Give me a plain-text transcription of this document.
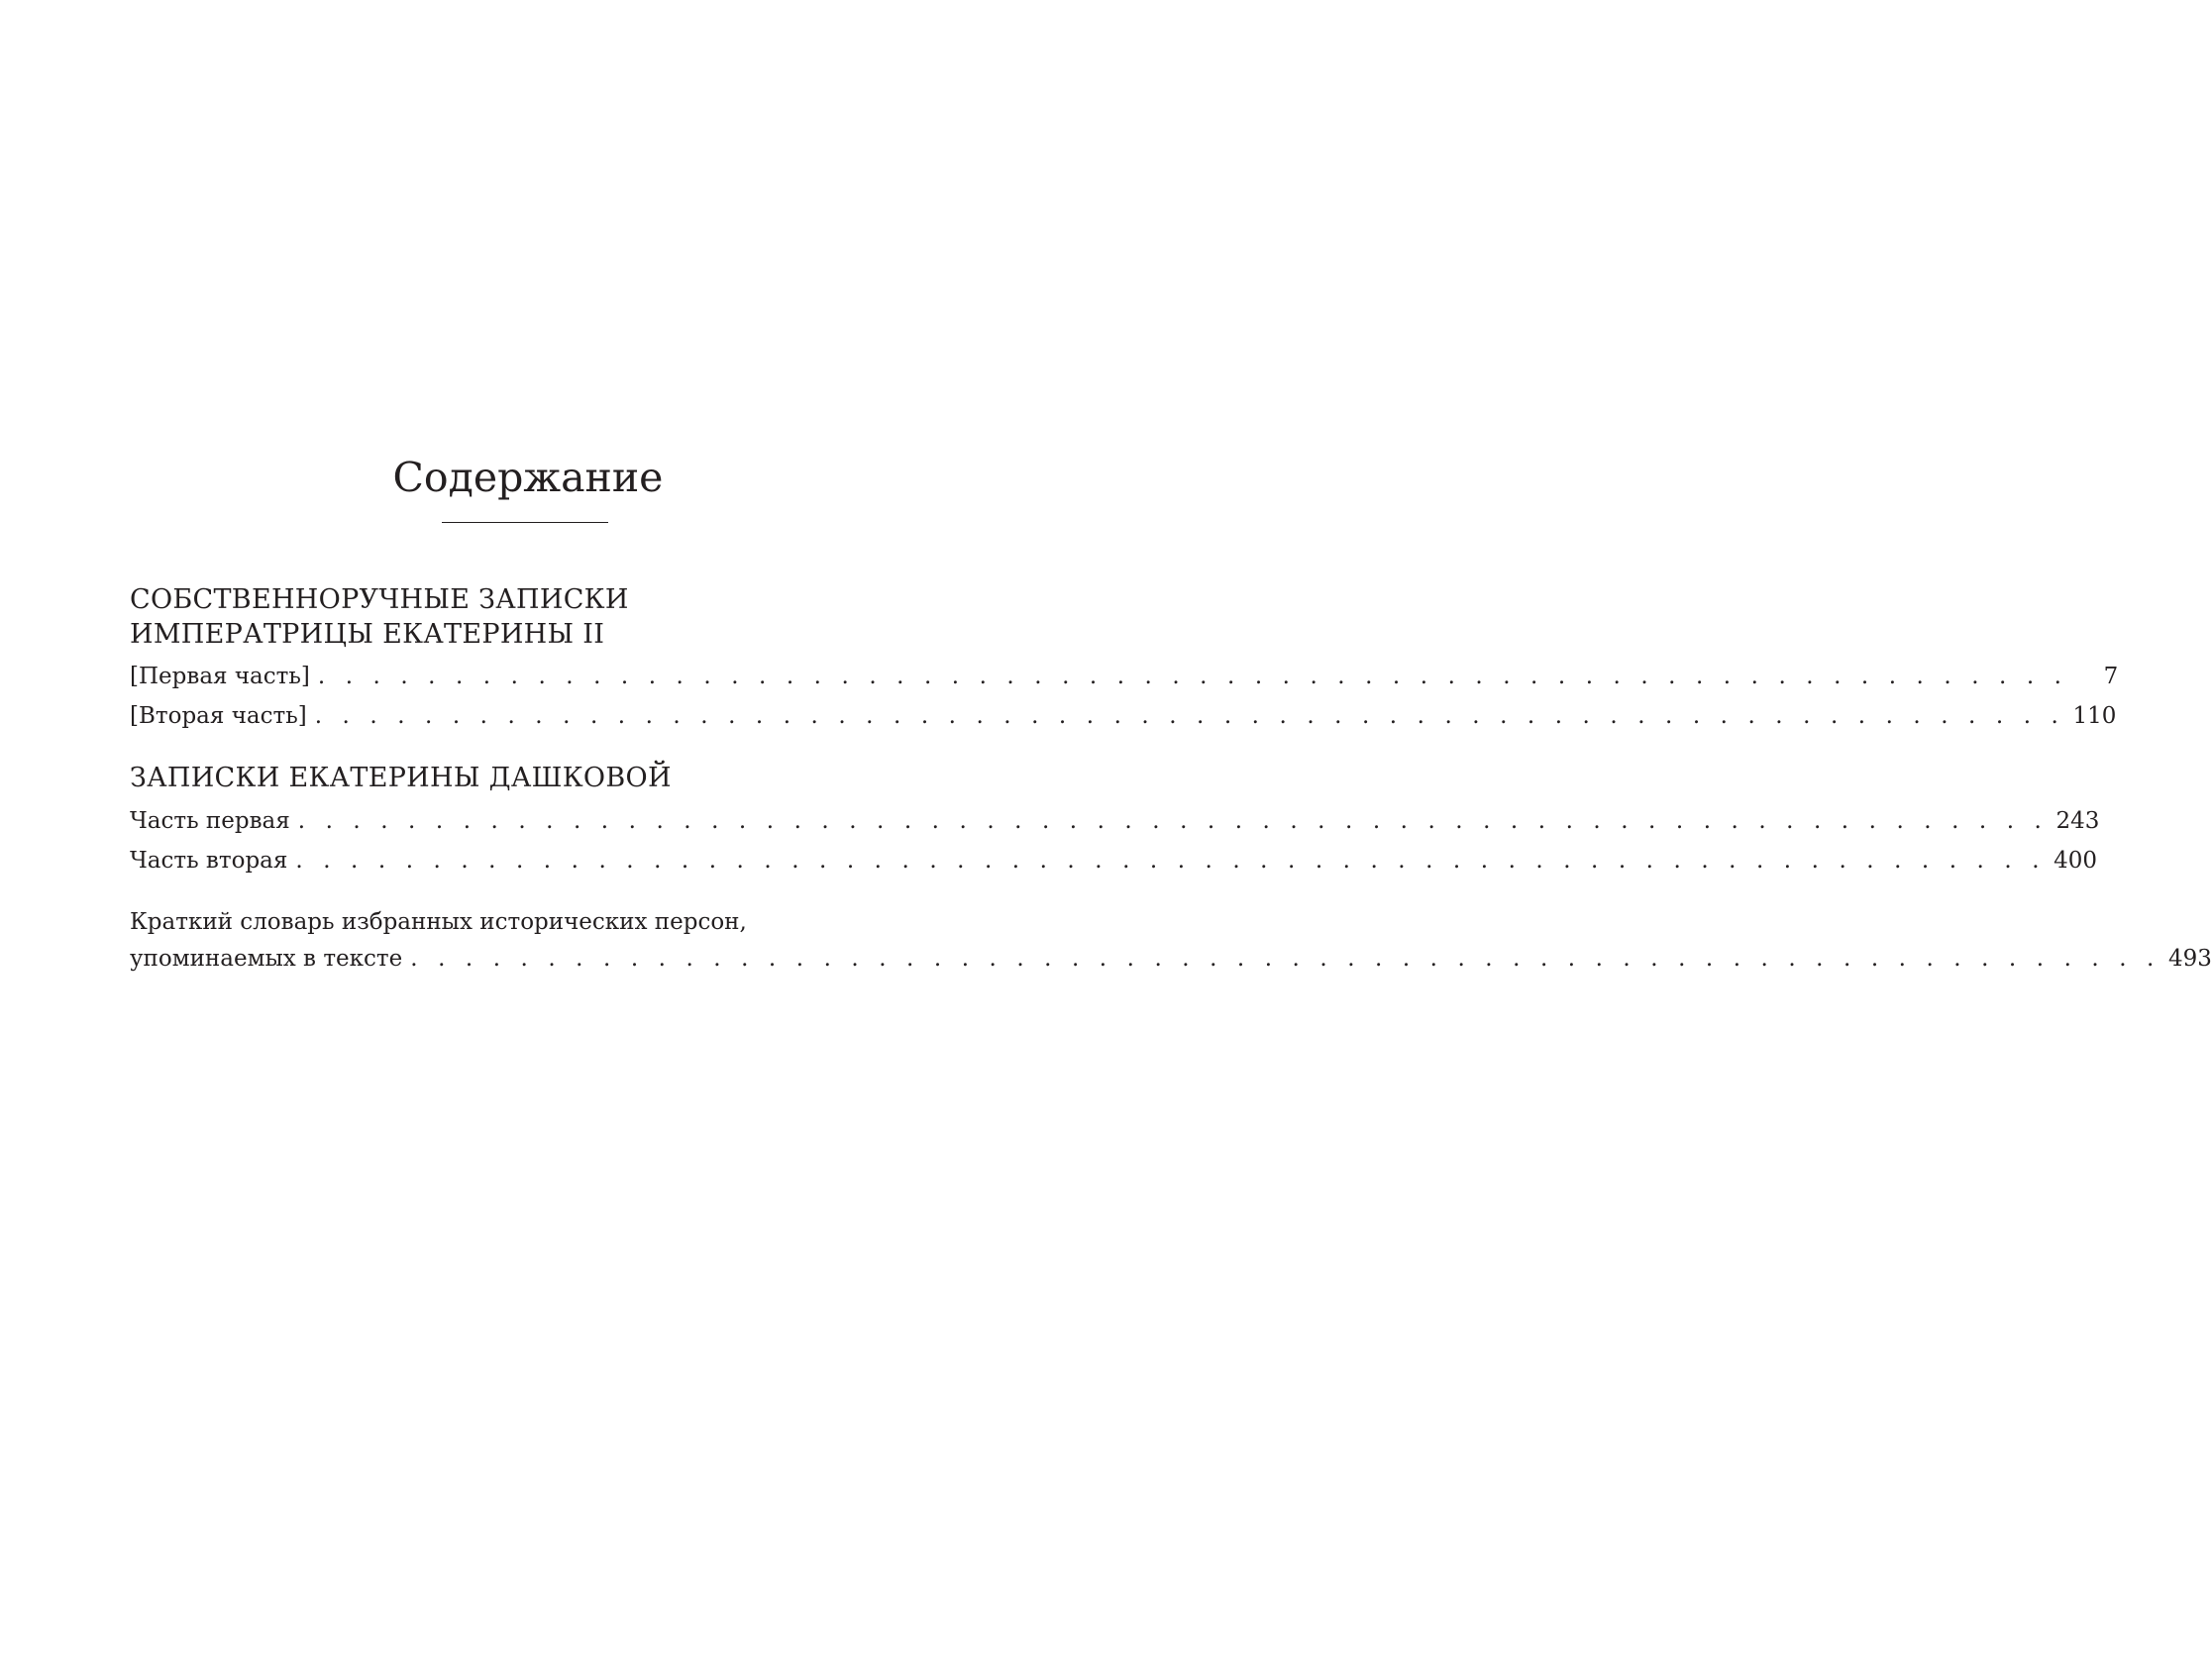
Содержание
СОБСТВЕННОРУЧНЫЕ ЗАПИСКИ
ИМПЕРАТРИЦЫ ЕКАТЕРИНЫ II
[Первая часть] . . . . . . . . . . . . . . . . . . . . . . . . . . . . . . . . . . . . . . . . . . . . . . . . . . . . . . . . . . . . . . . .	7
[Вторая часть] . . . . . . . . . . . . . . . . . . . . . . . . . . . . . . . . . . . . . . . . . . . . . . . . . . . . . . . . . . . . . . . . 110
ЗАПИСКИ ЕКАТЕРИНЫ ДАШКОВОЙ
Часть первая . . . . . . . . . . . . . . . . . . . . . . . . . . . . . . . . . . . . . . . . . . . . . . . . . . . . . . . . . . . . . . . . 243
Часть вторая . . . . . . . . . . . . . . . . . . . . . . . . . . . . . . . . . . . . . . . . . . . . . . . . . . . . . . . . . . . . . . . . 400
Краткий словарь избранных исторических персон,
упоминаемых в тексте . . . . . . . . . . . . . . . . . . . . . . . . . . . . . . . . . . . . . . . . . . . . . . . . . . . . . . . . . . . . . . . . 493
